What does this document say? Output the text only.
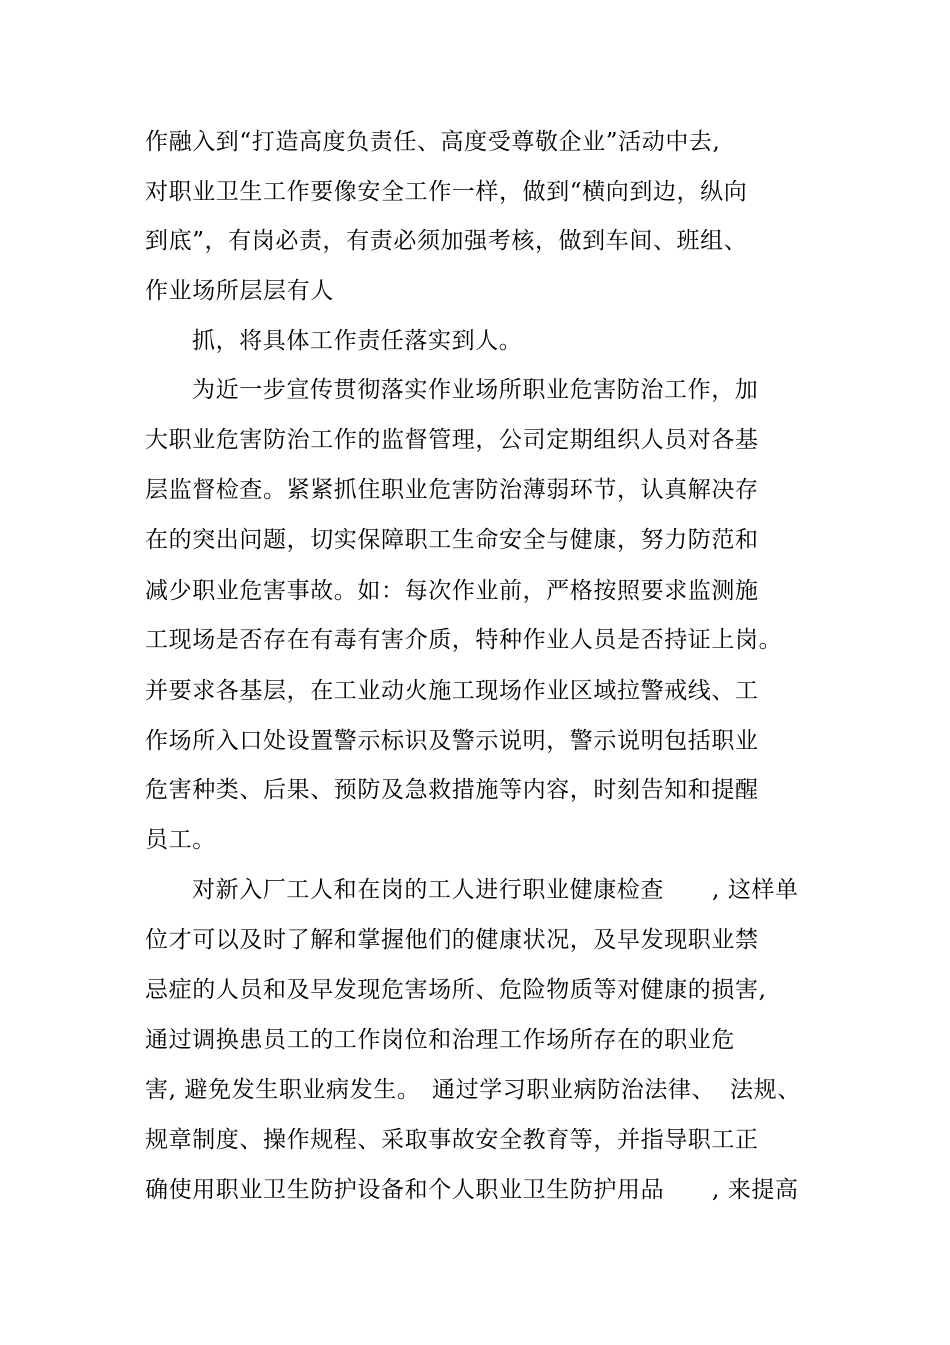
作融入到“打造高度负责任、高度受尊敬企业”活动中去,
对职业卫生工作要像安全工作一样，做到“横向到边，纵向
到底”，有岗必责，有责必须加强考核，做到车间、班组、
作业场所层层有人
抓，将具体工作责任落实到人。
为近一步宣传贯彻落实作业场所职业危害防治工作，加
大职业危害防治工作的监督管理，公司定期组织人员对各基
层监督检查。紧紧抓住职业危害防治薄弱环节，认真解决存
在的突出问题，切实保障职工生命安全与健康，努力防范和
减少职业危害事故。如：每次作业前，严格按照要求监测施
工现场是否存在有毒有害介质，特种作业人员是否持证上岗。
并要求各基层，在工业动火施工现场作业区域拉警戒线、工
作场所入口处设置警示标识及警示说明，警示说明包括职业
危害种类、后果、预防及急救措施等内容，时刻告知和提醒
员工。
对新入厂工人和在岗的工人进行职业健康检查 , 这样单
位才可以及时了解和掌握他们的健康状况，及早发现职业禁
忌症的人员和及早发现危害场所、危险物质等对健康的损害,
通过调换患员工的工作岗位和治理工作场所存在的职业危
害, 避免发生职业病发生。 通过学习职业病防治法律、 法规、
规章制度、操作规程、采取事故安全教育等，并指导职工正
确使用职业卫生防护设备和个人职业卫生防护用品 , 来提高
